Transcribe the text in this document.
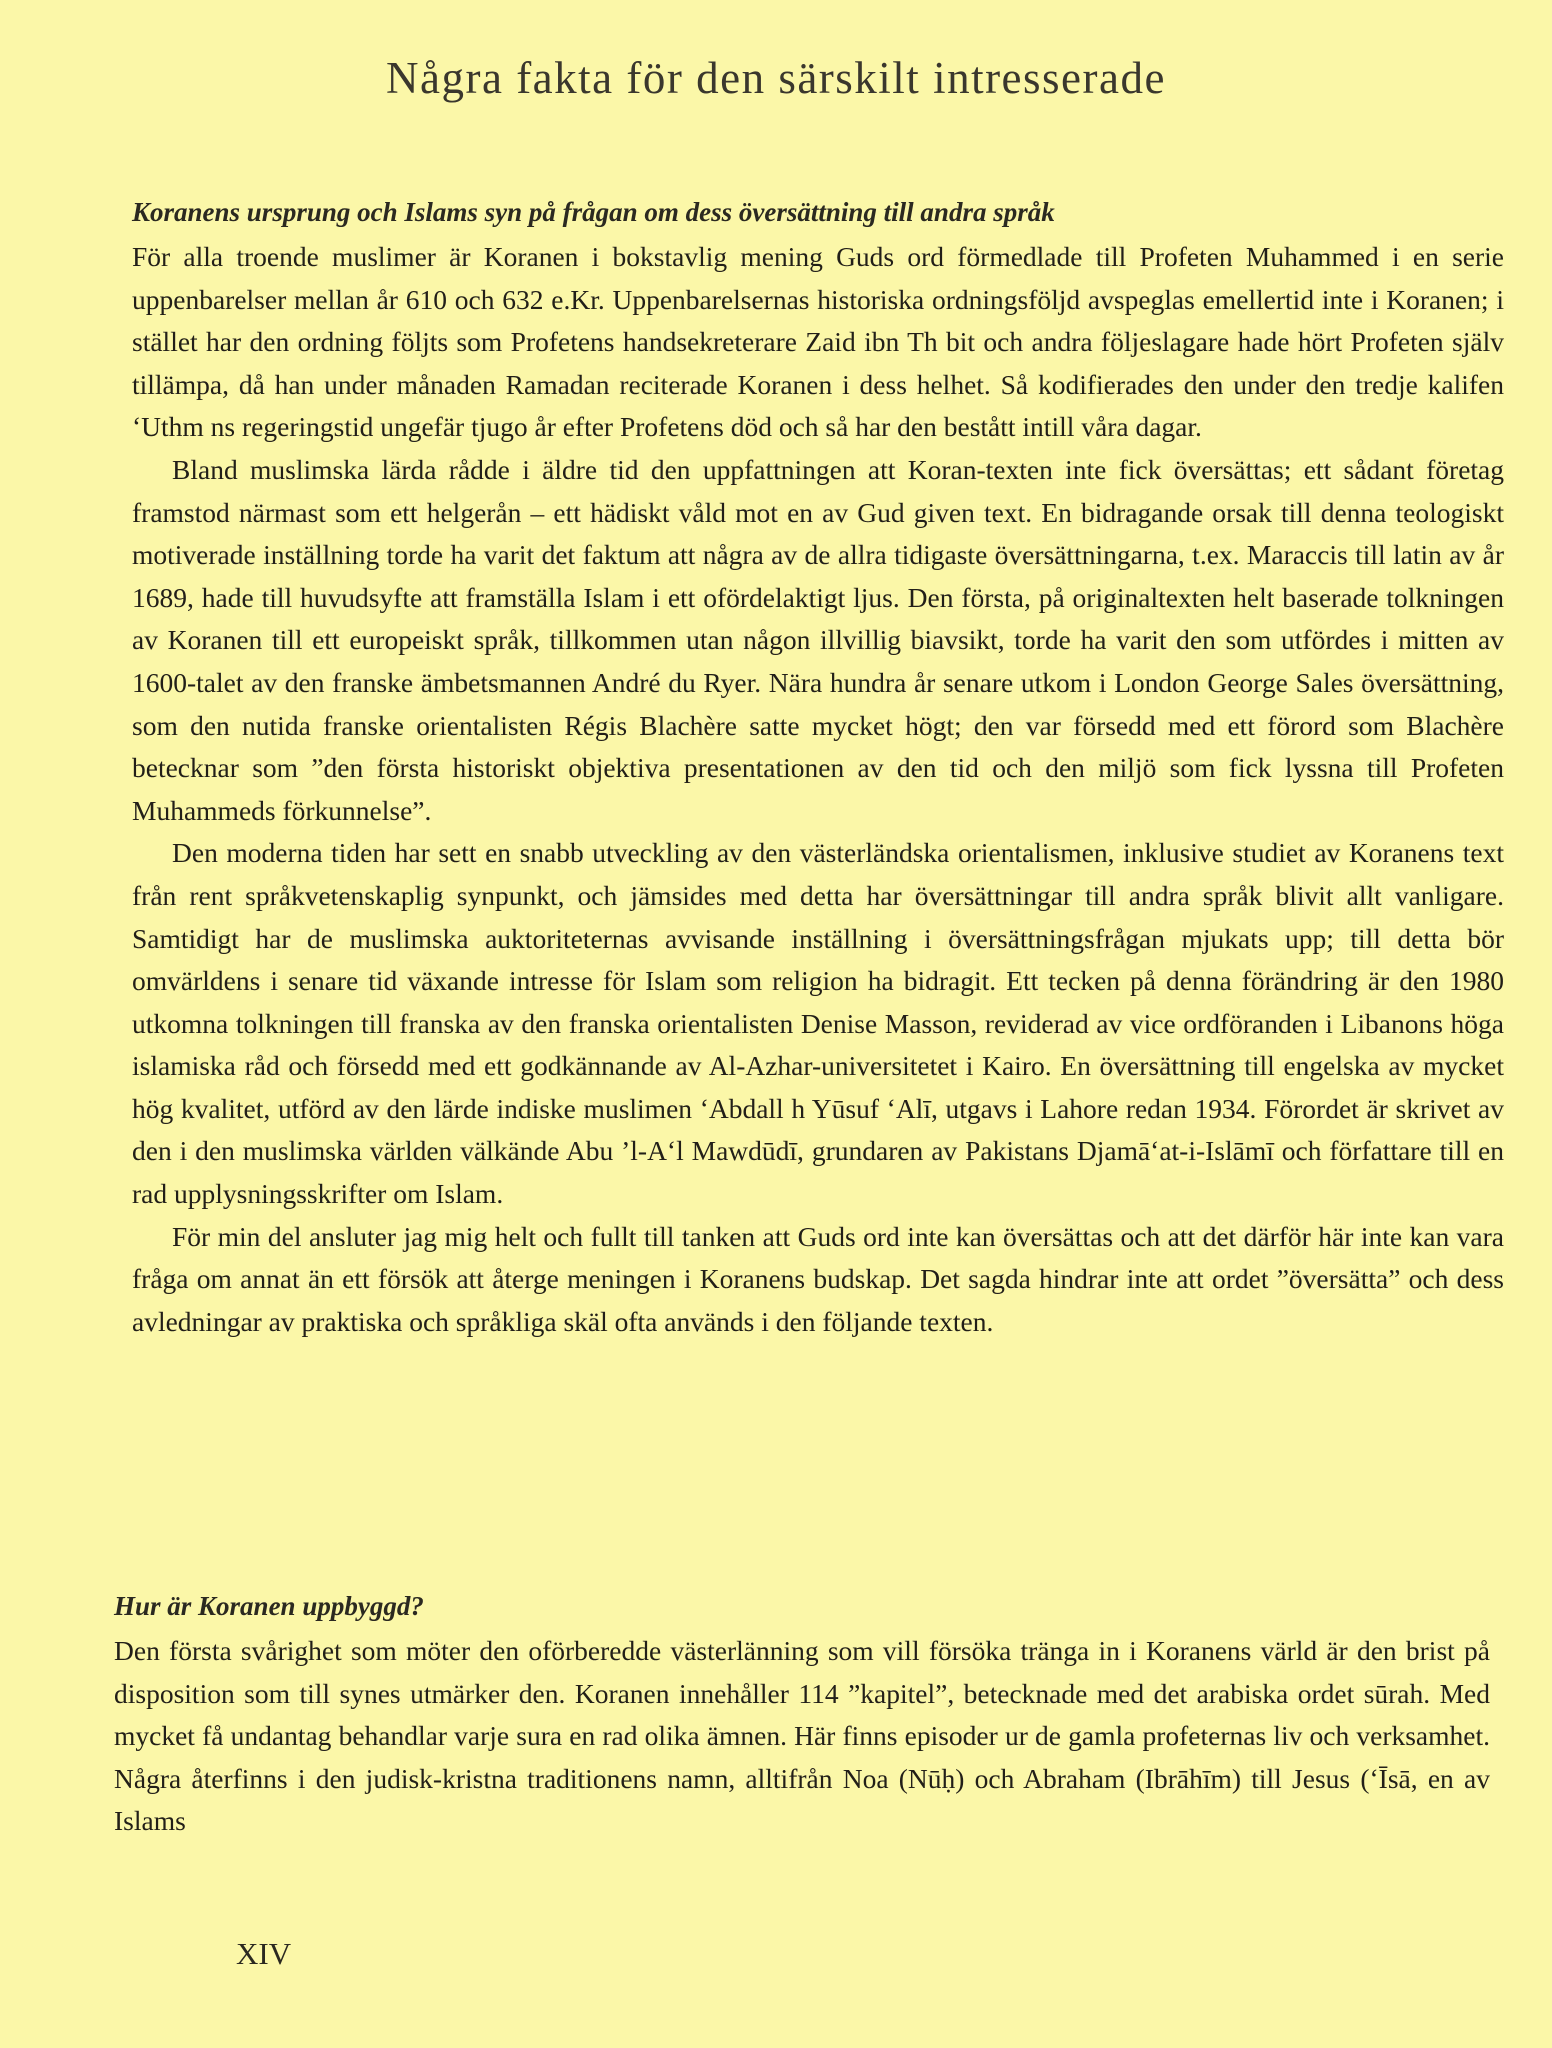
Några fakta för den särskilt intresserade
Koranens ursprung och Islams syn på frågan om dess översättning till andra språk

För alla troende muslimer är Koranen i bokstavlig mening Guds ord förmedlade till Profeten Muhammed i en serie uppenbarelser mellan år 610 och 632 e.Kr. Uppenbarelsernas historiska ordningsföljd avspeglas emellertid inte i Koranen; i stället har den ordning följts som Profetens handsekreterare Zaid ibn Th bit och andra följeslagare hade hört Profeten själv tillämpa, då han under månaden Ramadan reciterade Koranen i dess helhet. Så kodifierades den under den tredje kalifen ‘Uthm ns regeringstid ungefär tjugo år efter Profetens död och så har den bestått intill våra dagar.

Bland muslimska lärda rådde i äldre tid den uppfattningen att Koran-texten inte fick översättas; ett sådant företag framstod närmast som ett helgerån – ett hädiskt våld mot en av Gud given text. En bidragande orsak till denna teologiskt motiverade inställning torde ha varit det faktum att några av de allra tidigaste översättningarna, t.ex. Maraccis till latin av år 1689, hade till huvudsyfte att framställa Islam i ett ofördelaktigt ljus. Den första, på originaltexten helt baserade tolkningen av Koranen till ett europeiskt språk, tillkommen utan någon illvillig biavsikt, torde ha varit den som utfördes i mitten av 1600-talet av den franske ämbetsmannen André du Ryer. Nära hundra år senare utkom i London George Sales översättning, som den nutida franske orientalisten Régis Blachère satte mycket högt; den var försedd med ett förord som Blachère betecknar som ”den första historiskt objektiva presentationen av den tid och den miljö som fick lyssna till Profeten Muhammeds förkunnelse”.

Den moderna tiden har sett en snabb utveckling av den västerländska orientalismen, inklusive studiet av Koranens text från rent språkvetenskaplig synpunkt, och jämsides med detta har översättningar till andra språk blivit allt vanligare. Samtidigt har de muslimska auktoriteternas avvisande inställning i översättningsfrågan mjukats upp; till detta bör omvärldens i senare tid växande intresse för Islam som religion ha bidragit. Ett tecken på denna förändring är den 1980 utkomna tolkningen till franska av den franska orientalisten Denise Masson, reviderad av vice ordföranden i Libanons höga islamiska råd och försedd med ett godkännande av Al-Azhar-universitetet i Kairo. En översättning till engelska av mycket hög kvalitet, utförd av den lärde indiske muslimen ‘Abdall h Yūsuf ‘Alī, utgavs i Lahore redan 1934. Förordet är skrivet av den i den muslimska världen välkände Abu ’l-A‘l Mawdūdī, grundaren av Pakistans Djamā‘at-i-Islāmī och författare till en rad upplysningsskrifter om Islam.

För min del ansluter jag mig helt och fullt till tanken att Guds ord inte kan översättas och att det därför här inte kan vara fråga om annat än ett försök att återge meningen i Koranens budskap. Det sagda hindrar inte att ordet ”översätta” och dess avledningar av praktiska och språkliga skäl ofta används i den följande texten.

Hur är Koranen uppbyggd?

Den första svårighet som möter den oförberedde västerlänning som vill försöka tränga in i Koranens värld är den brist på disposition som till synes utmärker den. Koranen innehåller 114 ”kapitel”, betecknade med det arabiska ordet sūrah. Med mycket få undantag behandlar varje sura en rad olika ämnen. Här finns episoder ur de gamla profeternas liv och verksamhet. Några återfinns i den judisk-kristna traditionens namn, alltifrån Noa (Nūḥ) och Abraham (Ibrāhīm) till Jesus (‘Īsā, en av Islams

XIV
